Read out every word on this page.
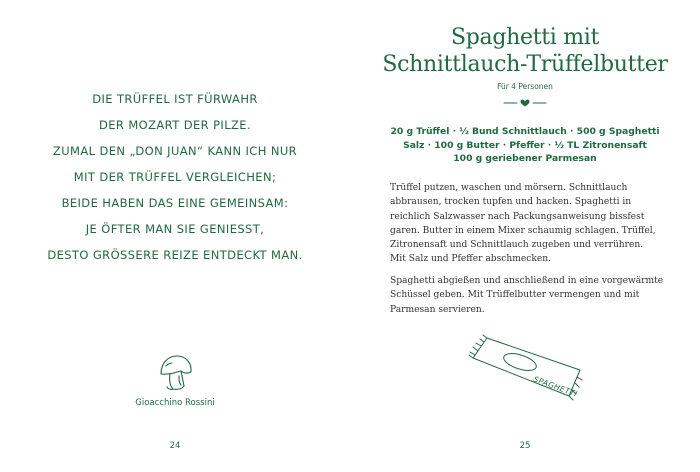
DIE TRÜFFEL IST FÜRWAHR
DER MOZART DER PILZE.
ZUMAL DEN „DON JUAN“ KANN ICH NUR
MIT DER TRÜFFEL VERGLEICHEN;
BEIDE HABEN DAS EINE GEMEINSAM:
JE ÖFTER MAN SIE GENIESST,
DESTO GRÖSSERE REIZE ENTDECKT MAN.
Gioacchino Rossini
24
Spaghetti mit
Schnittlauch-Trüffelbutter
Für 4 Personen
20 g Trüffel · ½ Bund Schnittlauch · 500 g Spaghetti
Salz · 100 g Butter · Pfeffer · ½ TL Zitronensaft
100 g geriebener Parmesan
Trüffel putzen, waschen und mörsern. Schnittlauch
abbrausen, trocken tupfen und hacken. Spaghetti in
reichlich Salzwasser nach Packungsanweisung bissfest
garen. Butter in einem Mixer schaumig schlagen. Trüffel,
Zitronensaft und Schnittlauch zugeben und verrühren.
Mit Salz und Pfeffer abschmecken.
Spaghetti abgießen und anschließend in eine vorgewärmte
Schüssel geben. Mit Trüffelbutter vermengen und mit
Parmesan servieren.
SPAGHETTI
25
